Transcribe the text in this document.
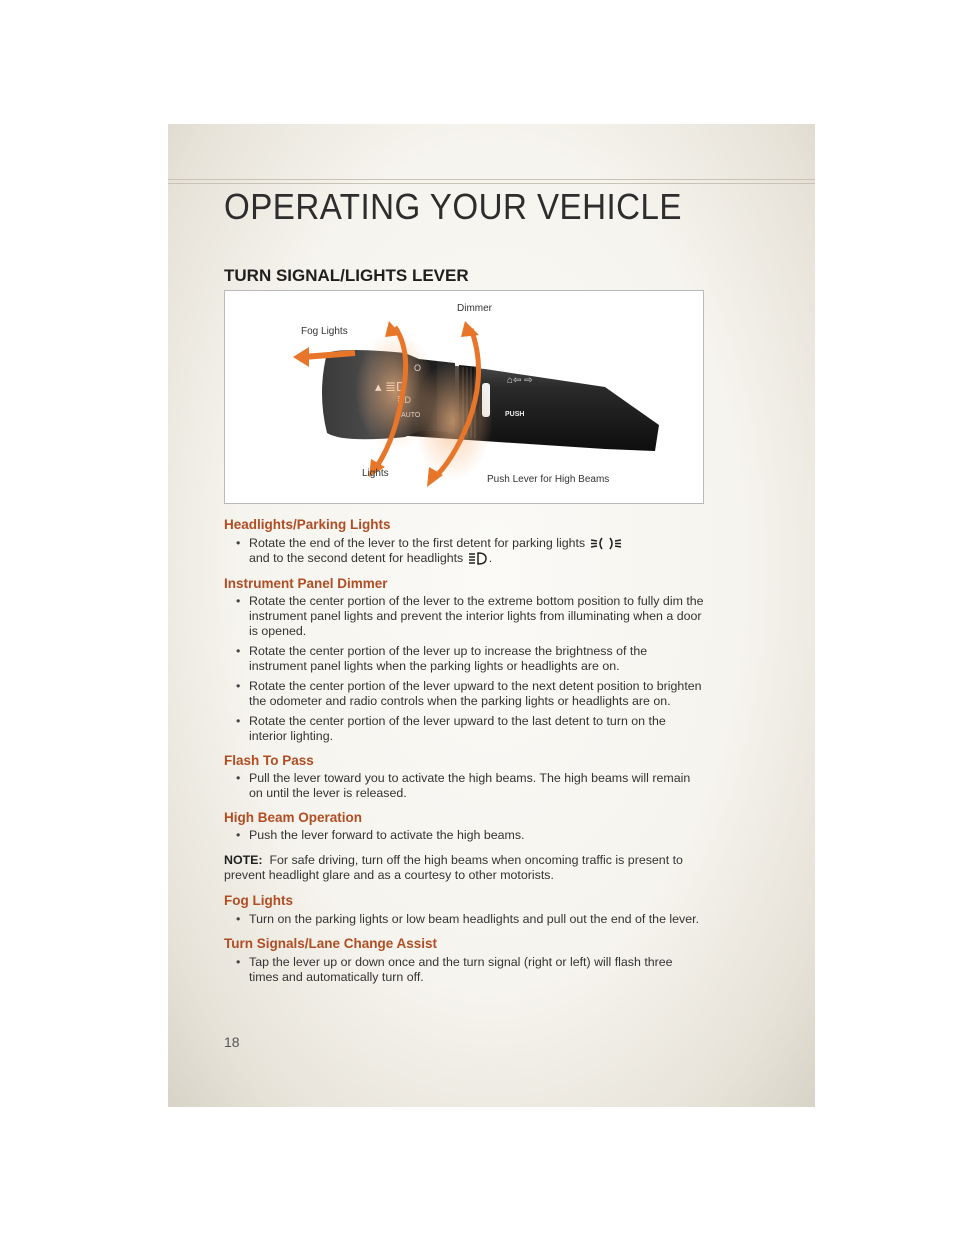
OPERATING YOUR VEHICLE
TURN SIGNAL/LIGHTS LEVER
PUSH
⌂⇦ ⇨
Dimmer
Fog Lights
Lights
Push Lever for High Beams
Headlights/Parking Lights
• Rotate the end of the lever to the first detent for parking lights
and to the second detent for headlights .
Instrument Panel Dimmer
• Rotate the center portion of the lever to the extreme bottom position to fully dim the instrument panel lights and prevent the interior lights from illuminating when a door is opened.
• Rotate the center portion of the lever up to increase the brightness of the instrument panel lights when the parking lights or headlights are on.
• Rotate the center portion of the lever upward to the next detent position to brighten the odometer and radio controls when the parking lights or headlights are on.
• Rotate the center portion of the lever upward to the last detent to turn on the interior lighting.
Flash To Pass
• Pull the lever toward you to activate the high beams. The high beams will remain on until the lever is released.
High Beam Operation
• Push the lever forward to activate the high beams.

NOTE: For safe driving, turn off the high beams when oncoming traffic is present to prevent headlight glare and as a courtesy to other motorists.

Fog Lights
• Turn on the parking lights or low beam headlights and pull out the end of the lever.
Turn Signals/Lane Change Assist
• Tap the lever up or down once and the turn signal (right or left) will flash three times and automatically turn off.
18
